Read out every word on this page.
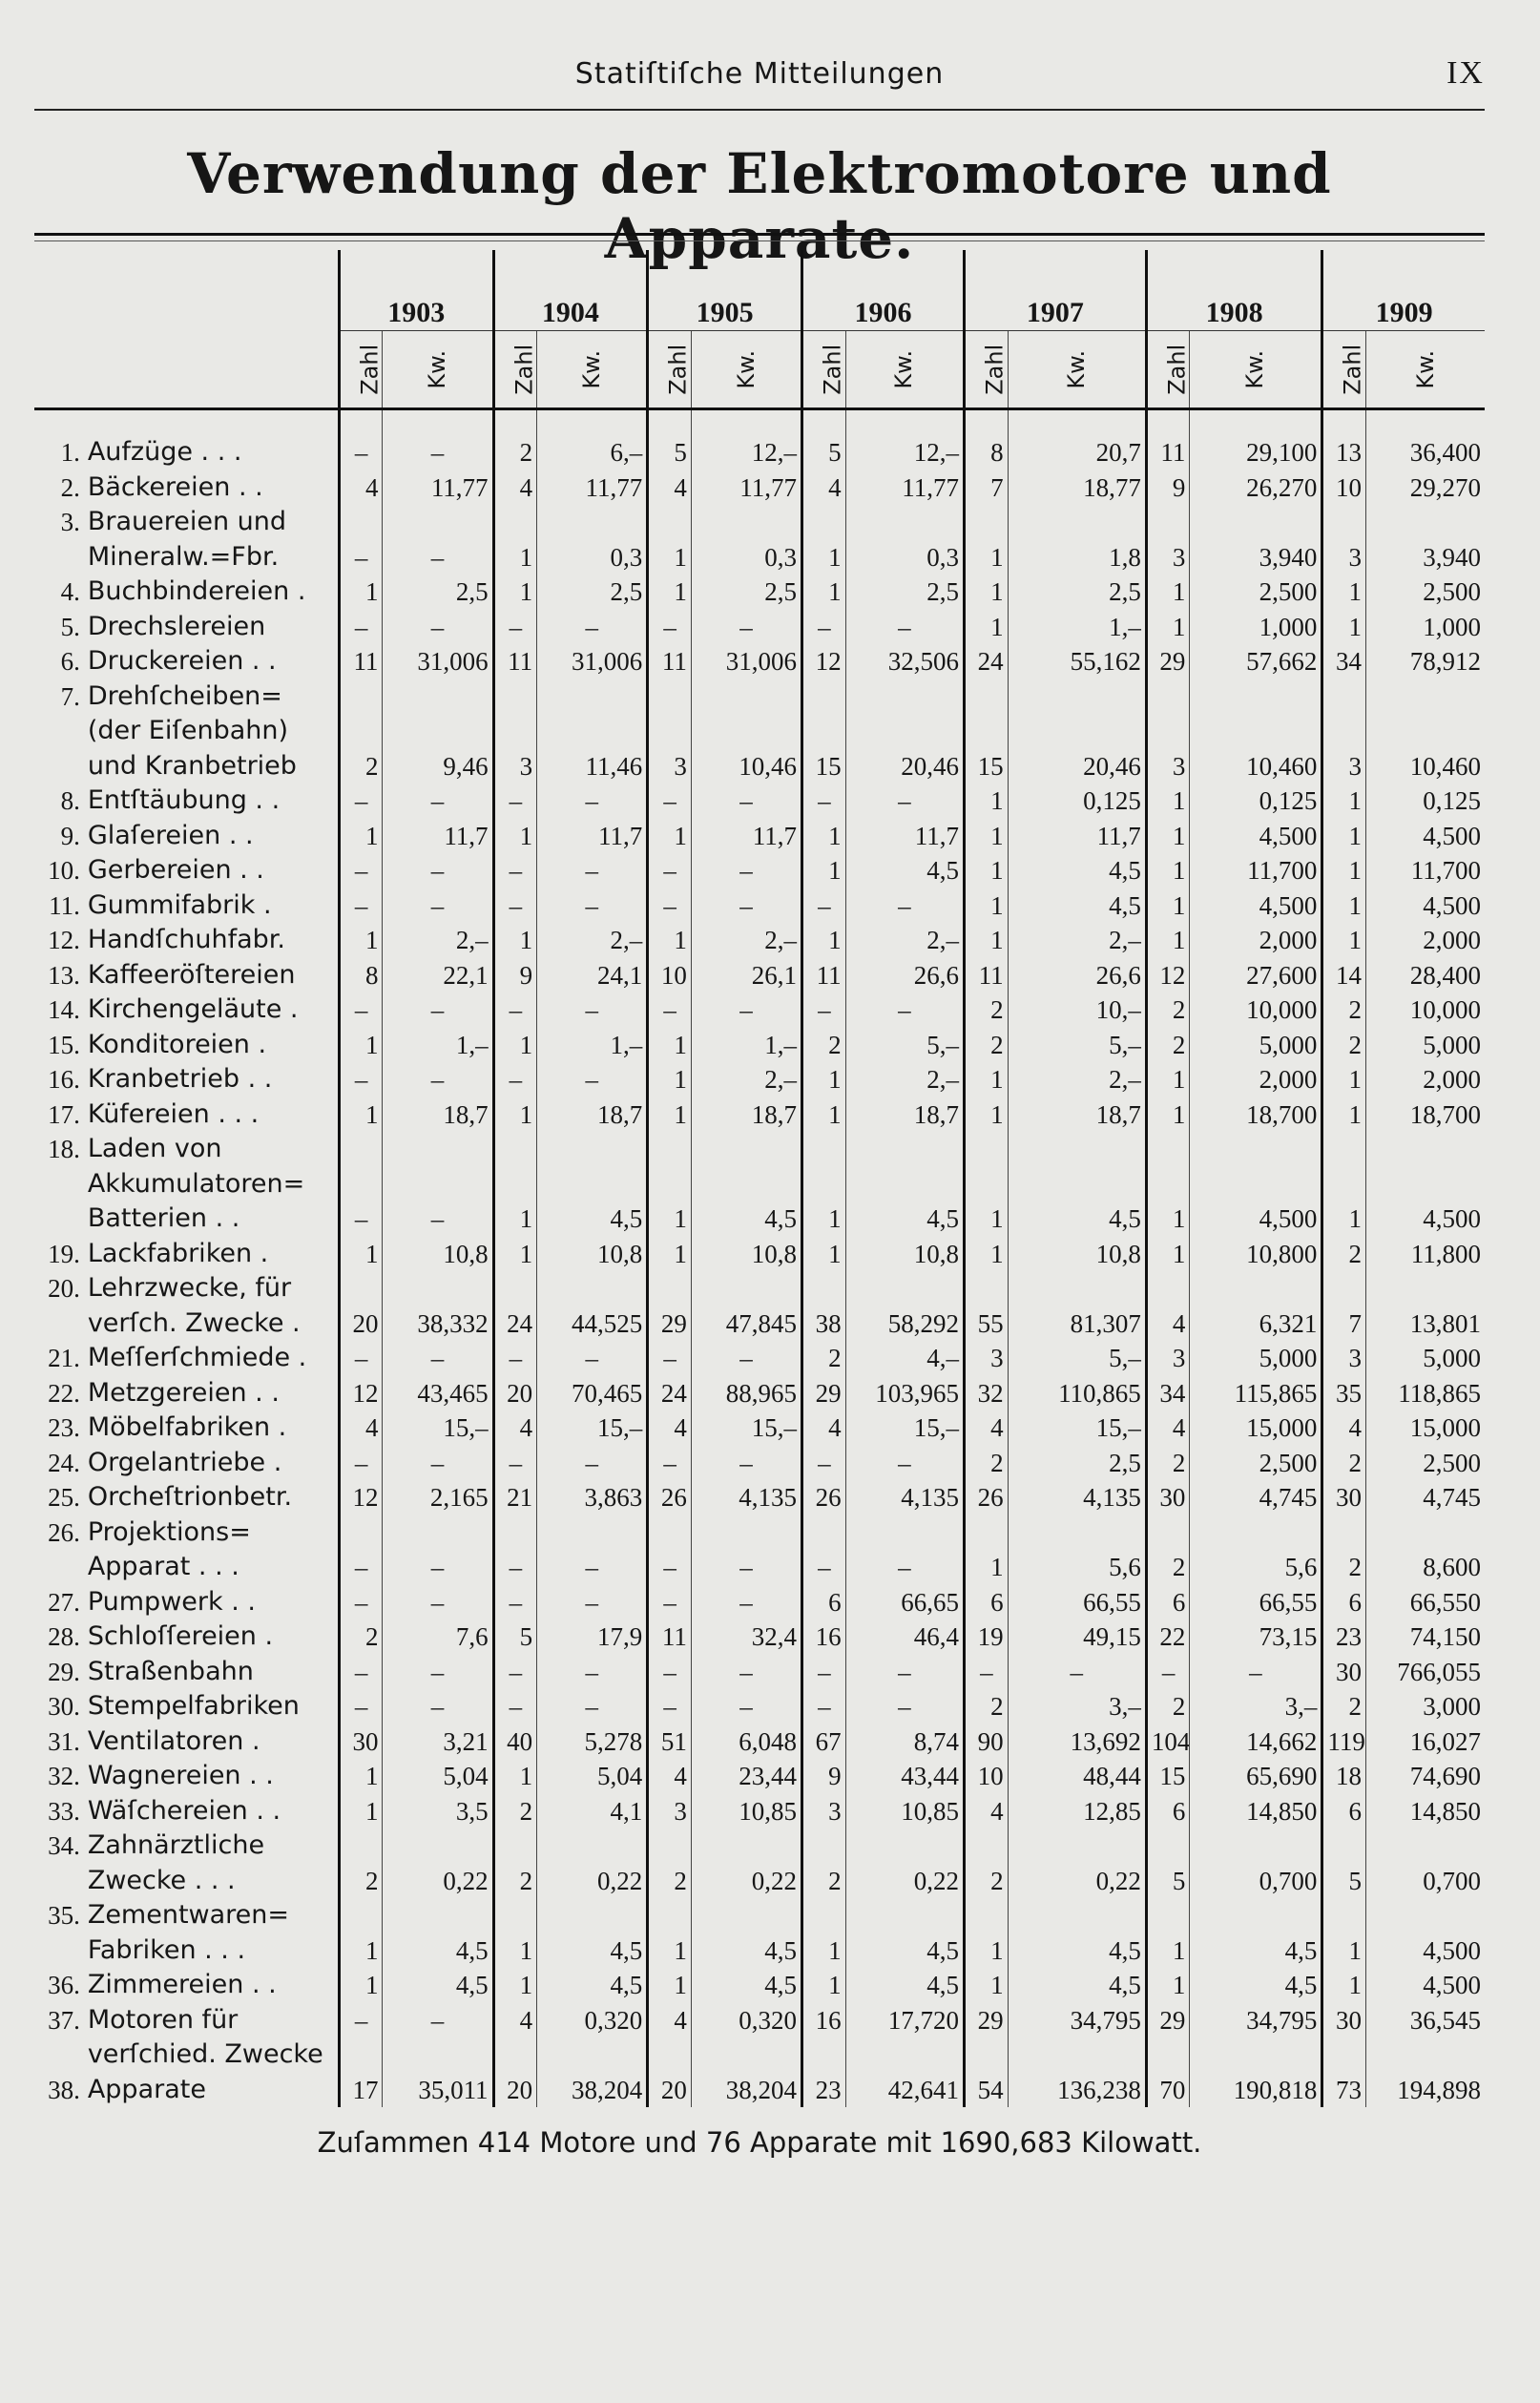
Statiſtiſche Mitteilungen	IX
Verwendung der Elektromotore und Apparate.
		1903		1904		1905		1906		1907		1908		1909	
		Zahl	Kw.	Zahl	Kw.	Zahl	Kw.	Zahl	Kw.	Zahl	Kw.	Zahl	Kw.	Zahl	Kw.

1.	Aufzüge . . .	–	–	2	6,–	5	12,–	5	12,–	8	20,7	11	29,100	13	36,400
2.	Bäckereien . .	4	11,77	4	11,77	4	11,77	4	11,77	7	18,77	9	26,270	10	29,270
3.	Brauereien und														
	Mineralw.=Fbr.	–	–	1	0,3	1	0,3	1	0,3	1	1,8	3	3,940	3	3,940
4.	Buchbindereien .	1	2,5	1	2,5	1	2,5	1	2,5	1	2,5	1	2,500	1	2,500
5.	Drechslereien	–	–	–	–	–	–	–	–	1	1,–	1	1,000	1	1,000
6.	Druckereien . .	11	31,006	11	31,006	11	31,006	12	32,506	24	55,162	29	57,662	34	78,912
7.	Drehſcheiben=														
	(der Eiſenbahn)														
	und Kranbetrieb	2	9,46	3	11,46	3	10,46	15	20,46	15	20,46	3	10,460	3	10,460
8.	Entſtäubung . .	–	–	–	–	–	–	–	–	1	0,125	1	0,125	1	0,125
9.	Glaſereien . .	1	11,7	1	11,7	1	11,7	1	11,7	1	11,7	1	4,500	1	4,500
10.	Gerbereien . .	–	–	–	–	–	–	1	4,5	1	4,5	1	11,700	1	11,700
11.	Gummifabrik .	–	–	–	–	–	–	–	–	1	4,5	1	4,500	1	4,500
12.	Handſchuhfabr.	1	2,–	1	2,–	1	2,–	1	2,–	1	2,–	1	2,000	1	2,000
13.	Kaffeeröſtereien	8	22,1	9	24,1	10	26,1	11	26,6	11	26,6	12	27,600	14	28,400
14.	Kirchengeläute .	–	–	–	–	–	–	–	–	2	10,–	2	10,000	2	10,000
15.	Konditoreien .	1	1,–	1	1,–	1	1,–	2	5,–	2	5,–	2	5,000	2	5,000
16.	Kranbetrieb . .	–	–	–	–	1	2,–	1	2,–	1	2,–	1	2,000	1	2,000
17.	Küfereien . . .	1	18,7	1	18,7	1	18,7	1	18,7	1	18,7	1	18,700	1	18,700
18.	Laden von														
	Akkumulatoren=														
	Batterien . .	–	–	1	4,5	1	4,5	1	4,5	1	4,5	1	4,500	1	4,500
19.	Lackfabriken .	1	10,8	1	10,8	1	10,8	1	10,8	1	10,8	1	10,800	2	11,800
20.	Lehrzwecke, für														
	verſch. Zwecke .	20	38,332	24	44,525	29	47,845	38	58,292	55	81,307	4	6,321	7	13,801
21.	Meſſerſchmiede .	–	–	–	–	–	–	2	4,–	3	5,–	3	5,000	3	5,000
22.	Metzgereien . .	12	43,465	20	70,465	24	88,965	29	103,965	32	110,865	34	115,865	35	118,865
23.	Möbelfabriken .	4	15,–	4	15,–	4	15,–	4	15,–	4	15,–	4	15,000	4	15,000
24.	Orgelantriebe .	–	–	–	–	–	–	–	–	2	2,5	2	2,500	2	2,500
25.	Orcheſtrionbetr.	12	2,165	21	3,863	26	4,135	26	4,135	26	4,135	30	4,745	30	4,745
26.	Projektions=														
	Apparat . . .	–	–	–	–	–	–	–	–	1	5,6	2	5,6	2	8,600
27.	Pumpwerk . .	–	–	–	–	–	–	6	66,65	6	66,55	6	66,55	6	66,550
28.	Schloſſereien .	2	7,6	5	17,9	11	32,4	16	46,4	19	49,15	22	73,15	23	74,150
29.	Straßenbahn	–	–	–	–	–	–	–	–	–	–	–	–	30	766,055
30.	Stempelfabriken	–	–	–	–	–	–	–	–	2	3,–	2	3,–	2	3,000
31.	Ventilatoren .	30	3,21	40	5,278	51	6,048	67	8,74	90	13,692	104	14,662	119	16,027
32.	Wagnereien . .	1	5,04	1	5,04	4	23,44	9	43,44	10	48,44	15	65,690	18	74,690
33.	Wäſchereien . .	1	3,5	2	4,1	3	10,85	3	10,85	4	12,85	6	14,850	6	14,850
34.	Zahnärztliche														
	Zwecke . . .	2	0,22	2	0,22	2	0,22	2	0,22	2	0,22	5	0,700	5	0,700
35.	Zementwaren=														
	Fabriken . . .	1	4,5	1	4,5	1	4,5	1	4,5	1	4,5	1	4,5	1	4,500
36.	Zimmereien . .	1	4,5	1	4,5	1	4,5	1	4,5	1	4,5	1	4,5	1	4,500
37.	Motoren für	–	–	4	0,320	4	0,320	16	17,720	29	34,795	29	34,795	30	36,545
	verſchied. Zwecke														
38.	Apparate	17	35,011	20	38,204	20	38,204	23	42,641	54	136,238	70	190,818	73	194,898
Zuſammen 414 Motore und 76 Apparate mit 1690,683 Kilowatt.
